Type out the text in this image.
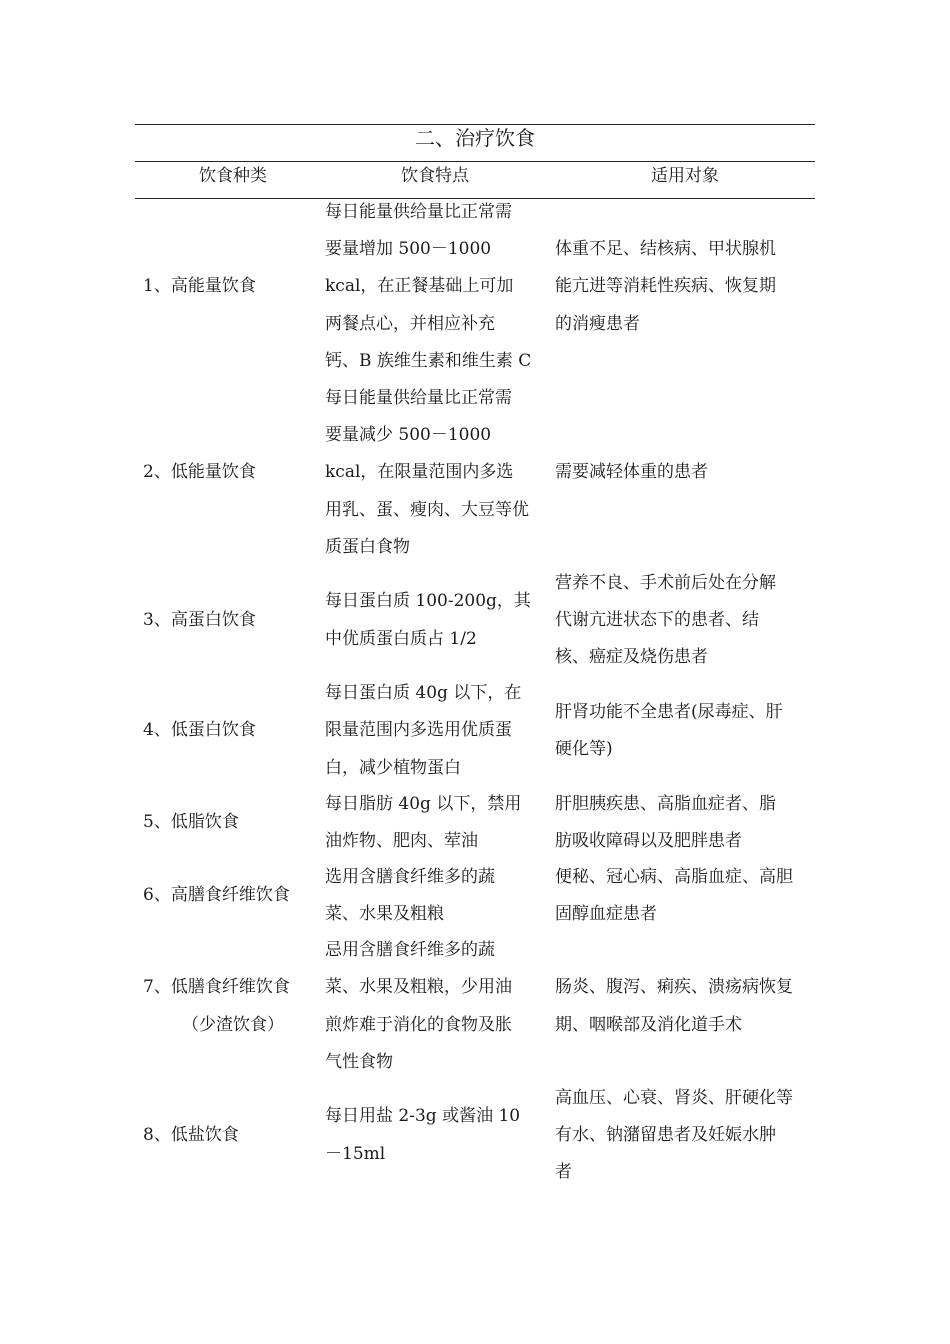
二、治疗饮食
饮食种类	饮食特点	适用对象
1、高能量饮食
每日能量供给量比正常需
要量增加 500－1000
kcal，在正餐基础上可加
两餐点心，并相应补充
钙、B 族维生素和维生素 C
体重不足、结核病、甲状腺机
能亢进等消耗性疾病、恢复期
的消瘦患者
2、低能量饮食
每日能量供给量比正常需
要量减少 500－1000
kcal，在限量范围内多选
用乳、蛋、瘦肉、大豆等优
质蛋白食物
需要减轻体重的患者
3、高蛋白饮食
每日蛋白质 100-200g，其
中优质蛋白质占 1/2
营养不良、手术前后处在分解
代谢亢进状态下的患者、结
核、癌症及烧伤患者
4、低蛋白饮食
每日蛋白质 40g 以下，在
限量范围内多选用优质蛋
白，减少植物蛋白
肝肾功能不全患者(尿毒症、肝
硬化等)
5、低脂饮食
每日脂肪 40g 以下，禁用
油炸物、肥肉、荤油
肝胆胰疾患、高脂血症者、脂
肪吸收障碍以及肥胖患者
6、高膳食纤维饮食
选用含膳食纤维多的蔬
菜、水果及粗粮
便秘、冠心病、高脂血症、高胆
固醇血症患者
7、低膳食纤维饮食
（少渣饮食）
忌用含膳食纤维多的蔬
菜、水果及粗粮，少用油
煎炸难于消化的食物及胀
气性食物
肠炎、腹泻、痢疾、溃疡病恢复
期、咽喉部及消化道手术
8、低盐饮食
每日用盐 2-3g 或酱油 10
－15ml
高血压、心衰、肾炎、肝硬化等
有水、钠潴留患者及妊娠水肿
者
